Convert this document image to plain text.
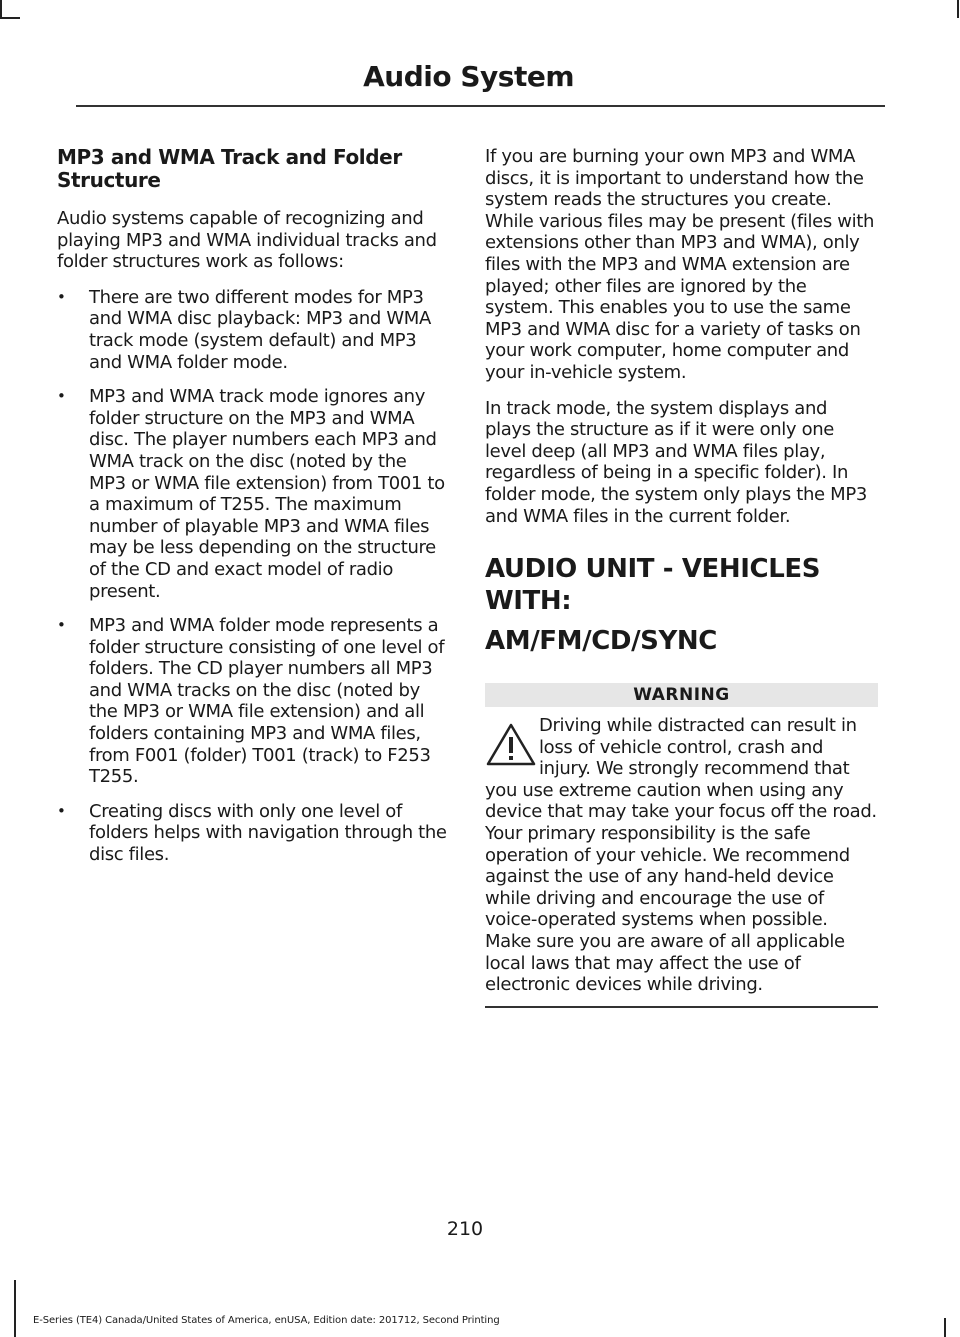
Audio System
MP3 and WMA Track and Folder Structure

Audio systems capable of recognizing and playing MP3 and WMA individual tracks and folder structures work as follows:

• There are two different modes for MP3 and WMA disc playback: MP3 and WMA track mode (system default) and MP3 and WMA folder mode.
• MP3 and WMA track mode ignores any folder structure on the MP3 and WMA disc. The player numbers each MP3 and WMA track on the disc (noted by the MP3 or WMA file extension) from T001 to a maximum of T255. The maximum number of playable MP3 and WMA files may be less depending on the structure of the CD and exact model of radio present.
• MP3 and WMA folder mode represents a folder structure consisting of one level of folders. The CD player numbers all MP3 and WMA tracks on the disc (noted by the MP3 or WMA file extension) and all folders containing MP3 and WMA files, from F001 (folder) T001 (track) to F253 T255.
• Creating discs with only one level of folders helps with navigation through the disc files.

If you are burning your own MP3 and WMA discs, it is important to understand how the system reads the structures you create. While various files may be present (files with extensions other than MP3 and WMA), only files with the MP3 and WMA extension are played; other files are ignored by the system. This enables you to use the same MP3 and WMA disc for a variety of tasks on your work computer, home computer and your in-vehicle system.

In track mode, the system displays and plays the structure as if it were only one level deep (all MP3 and WMA files play, regardless of being in a specific folder). In folder mode, the system only plays the MP3 and WMA files in the current folder.

AUDIO UNIT - VEHICLES WITH:
AM/FM/CD/SYNC
WARNING
Driving while distracted can result in loss of vehicle control, crash and injury. We strongly recommend that you use extreme caution when using any device that may take your focus off the road. Your primary responsibility is the safe operation of your vehicle. We recommend against the use of any hand-held device while driving and encourage the use of voice-operated systems when possible. Make sure you are aware of all applicable local laws that may affect the use of electronic devices while driving.

210

E-Series (TE4) Canada/United States of America, enUSA, Edition date: 201712, Second Printing
